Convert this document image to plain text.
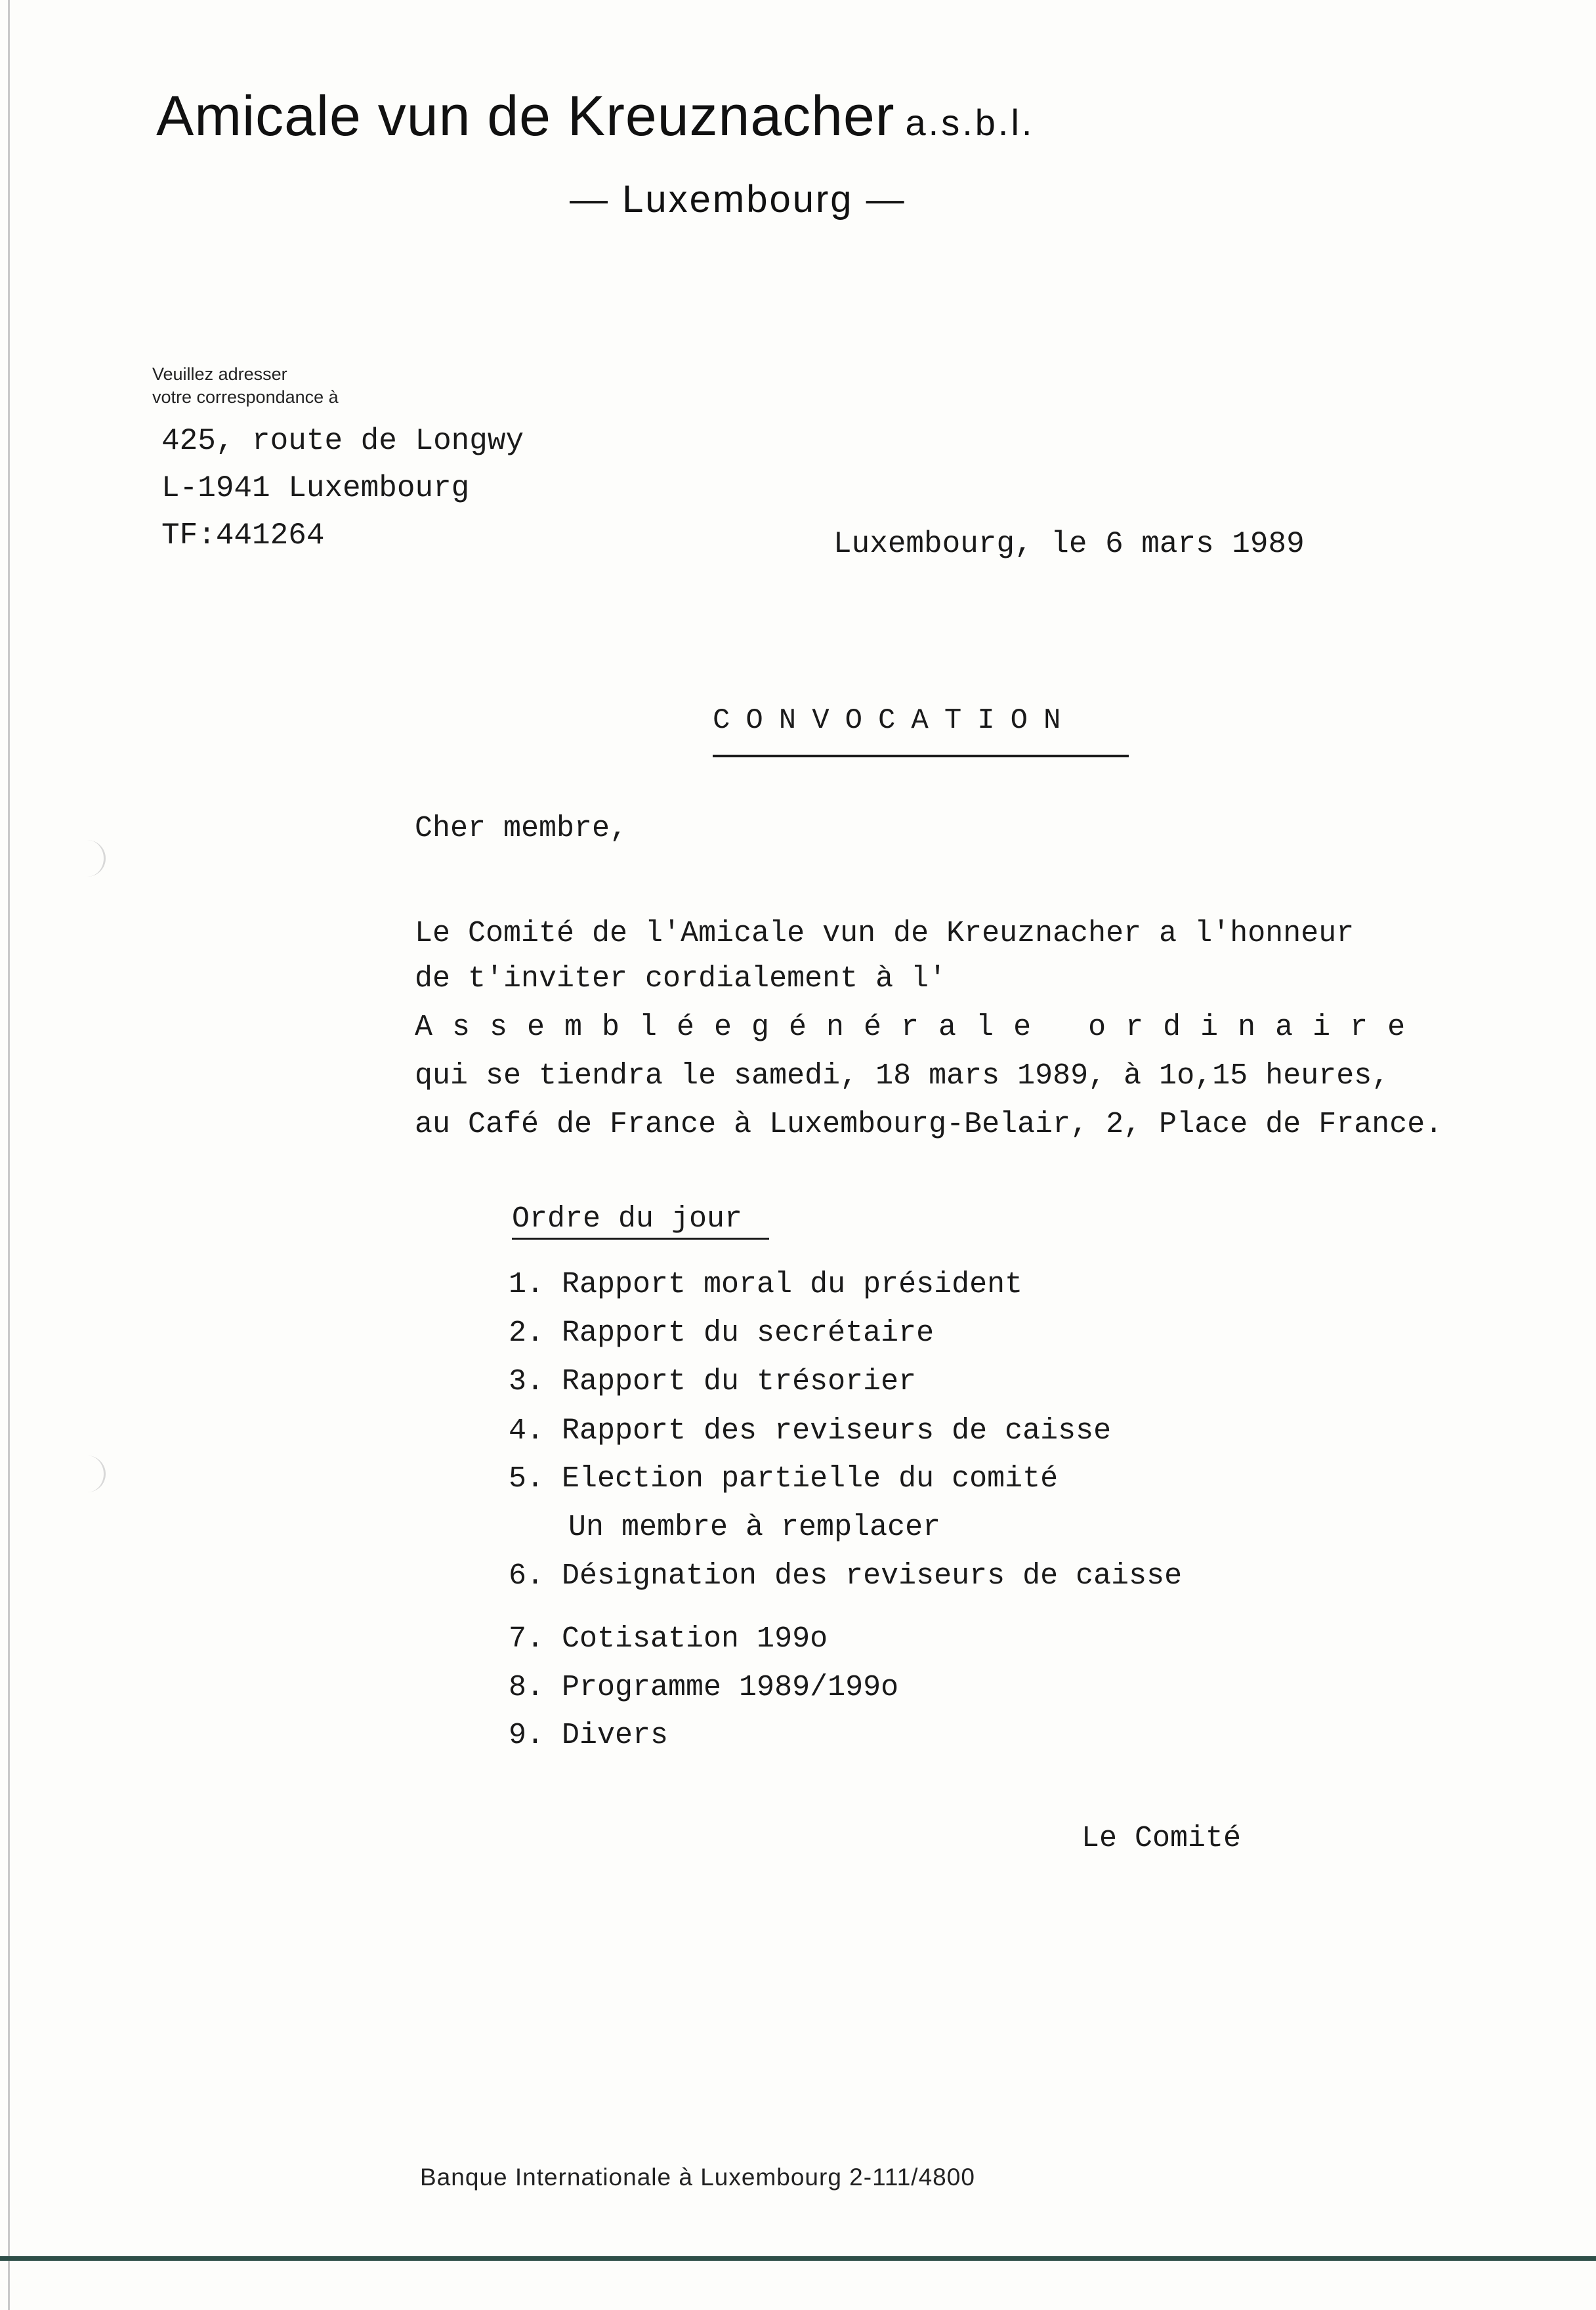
Amicale vun de Kreuznacher a.s.b.l.
— Luxembourg —
Veuillez adresser
votre correspondance à
425, route de Longwy
L-1941 Luxembourg
TF:441264	Luxembourg, le 6 mars 1989
CONVOCATION
Cher membre,
Le Comité de l'Amicale vun de Kreuznacher a l'honneur
de t'inviter cordialement à l'
Assembléegénérale ordinaire
qui se tiendra le samedi, 18 mars 1989, à 1o,15 heures,
au Café de France à Luxembourg-Belair, 2, Place de France.
Ordre du jour
1. Rapport moral du président
2. Rapport du secrétaire
3. Rapport du trésorier
4. Rapport des reviseurs de caisse
5. Election partielle du comité
Un membre à remplacer
6. Désignation des reviseurs de caisse
7. Cotisation 199o
8. Programme 1989/199o
9. Divers
Le Comité
Banque Internationale à Luxembourg 2-111/4800
